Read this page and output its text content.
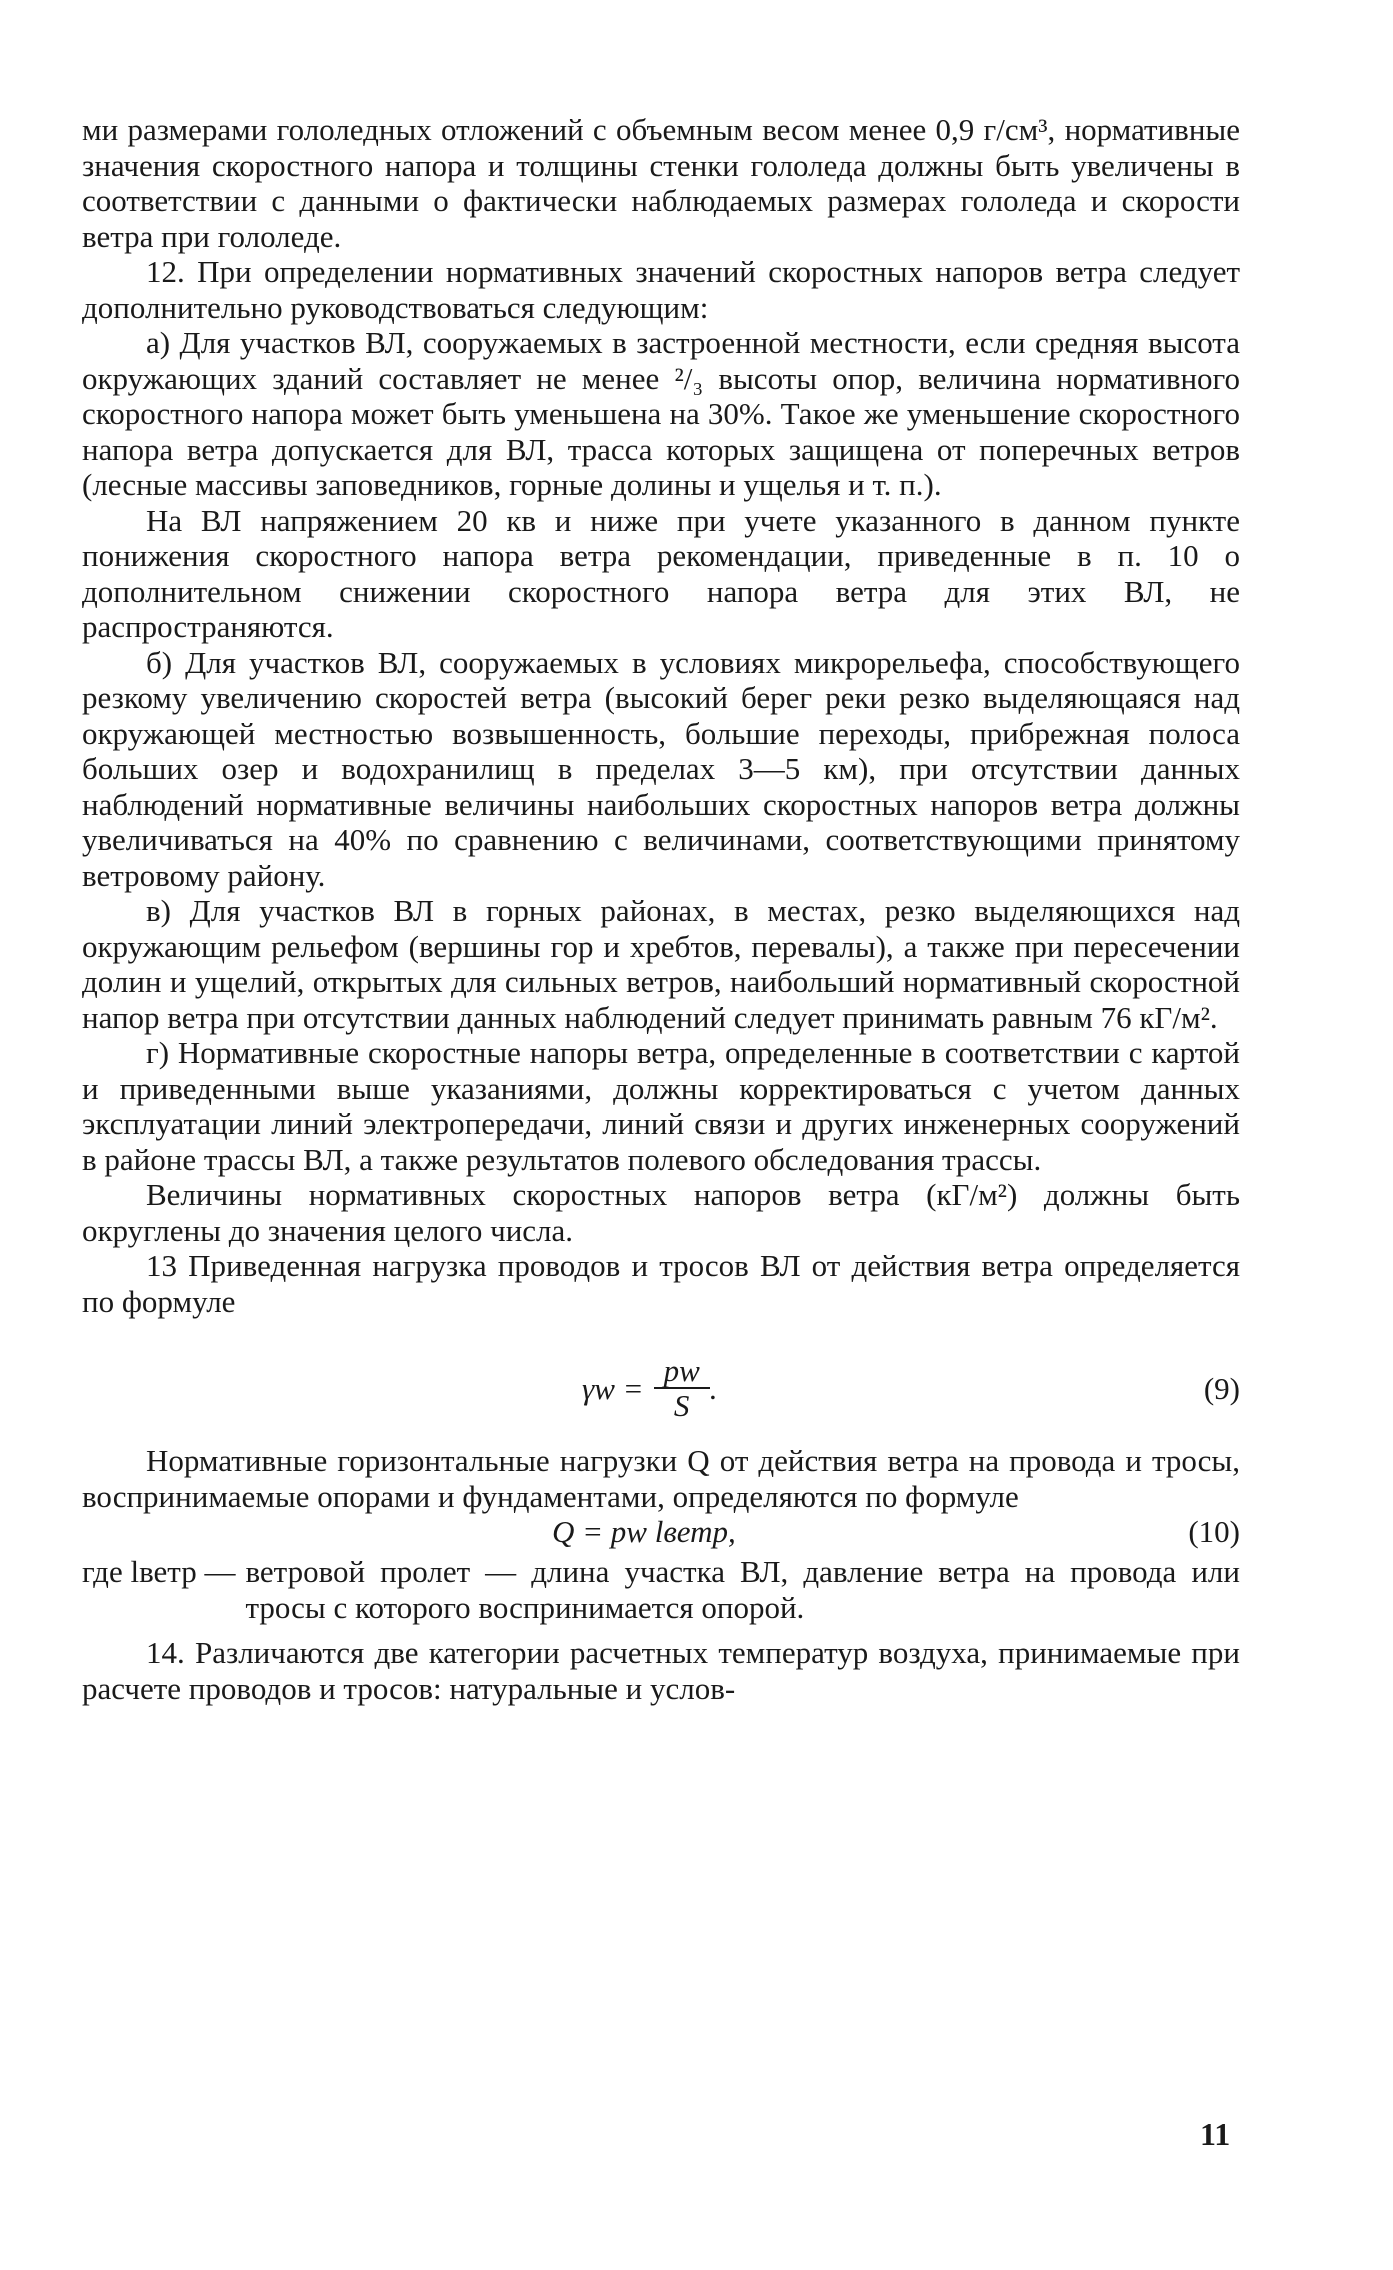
ми размерами гололедных отложений с объемным весом менее 0,9 г/см³, нормативные значения скоростного напора и толщины стенки гололеда должны быть увеличены в соответствии с данными о фактически наблюдаемых размерах гололеда и скорости ветра при гололеде.

12. При определении нормативных значений скоростных напоров ветра следует дополнительно руководствоваться следующим:

а) Для участков ВЛ, сооружаемых в застроенной местности, если средняя высота окружающих зданий составляет не менее ²/₃ высоты опор, величина нормативного скоростного напора может быть уменьшена на 30%. Такое же уменьшение скоростного напора ветра допускается для ВЛ, трасса которых защищена от поперечных ветров (лесные массивы заповедников, горные долины и ущелья и т. п.).

На ВЛ напряжением 20 кв и ниже при учете указанного в данном пункте понижения скоростного напора ветра рекомендации, приведенные в п. 10 о дополнительном снижении скоростного напора ветра для этих ВЛ, не распространяются.

б) Для участков ВЛ, сооружаемых в условиях микрорельефа, способствующего резкому увеличению скоростей ветра (высокий берег реки резко выделяющаяся над окружающей местностью возвышенность, большие переходы, прибрежная полоса больших озер и водохранилищ в пределах 3—5 км), при отсутствии данных наблюдений нормативные величины наибольших скоростных напоров ветра должны увеличиваться на 40% по сравнению с величинами, соответствующими принятому ветровому району.

в) Для участков ВЛ в горных районах, в местах, резко выделяющихся над окружающим рельефом (вершины гор и хребтов, перевалы), а также при пересечении долин и ущелий, открытых для сильных ветров, наибольший нормативный скоростной напор ветра при отсутствии данных наблюдений следует принимать равным 76 кГ/м².

г) Нормативные скоростные напоры ветра, определенные в соответствии с картой и приведенными выше указаниями, должны корректироваться с учетом данных эксплуатации линий электропередачи, линий связи и других инженерных сооружений в районе трассы ВЛ, а также результатов полевого обследования трассы.

Величины нормативных скоростных напоров ветра (кГ/м²) должны быть округлены до значения целого числа.

13 Приведенная нагрузка проводов и тросов ВЛ от действия ветра определяется по формуле

$\gamma w = \frac{pw}{S}$ .	(9)

Нормативные горизонтальные нагрузки Q от действия ветра на провода и тросы, воспринимаемые опорами и фундаментами, определяются по формуле

Q = pw lветр,	(10)
где lветр — ветровой пролет — длина участка ВЛ, давление ветра на провода или тросы с которого воспринимается опорой.

14. Различаются две категории расчетных температур воздуха, принимаемые при расчете проводов и тросов: натуральные и услов-

11
